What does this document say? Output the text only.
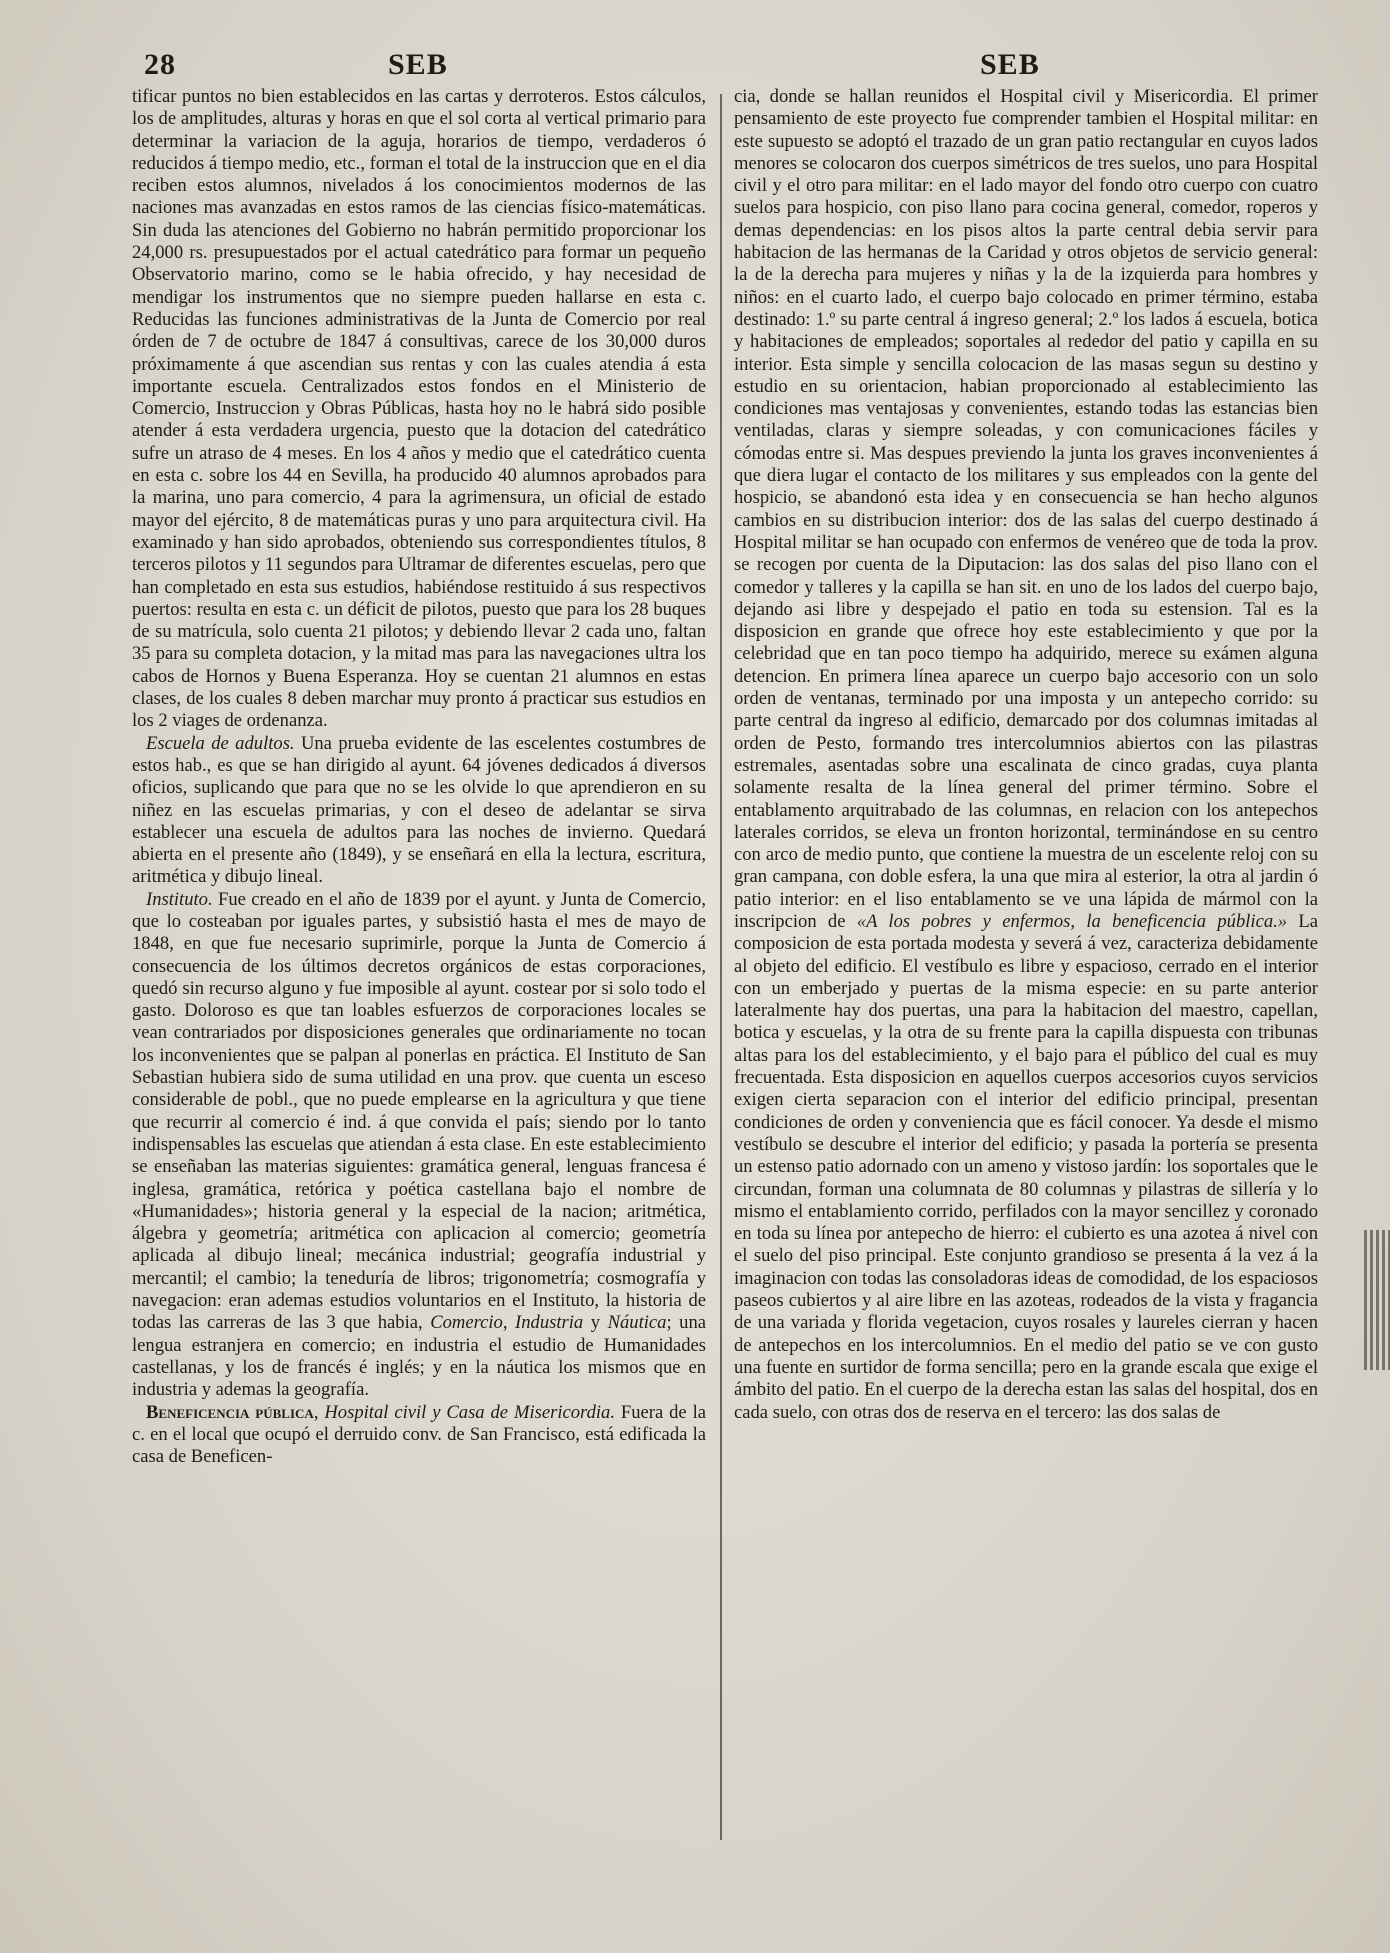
28	SEB	SEB

tificar puntos no bien establecidos en las cartas y derroteros. Estos cálculos, los de amplitudes, alturas y horas en que el sol corta al vertical primario para determinar la variacion de la aguja, horarios de tiempo, verdaderos ó reducidos á tiempo medio, etc., forman el total de la instruccion que en el dia reciben estos alumnos, nivelados á los conocimientos modernos de las naciones mas avanzadas en estos ramos de las ciencias físico-matemáticas. Sin duda las atenciones del Gobierno no habrán permitido proporcionar los 24,000 rs. presupuestados por el actual catedrático para formar un pequeño Observatorio marino, como se le habia ofrecido, y hay necesidad de mendigar los instrumentos que no siempre pueden hallarse en esta c. Reducidas las funciones administrativas de la Junta de Comercio por real órden de 7 de octubre de 1847 á consultivas, carece de los 30,000 duros próximamente á que ascendian sus rentas y con las cuales atendia á esta importante escuela. Centralizados estos fondos en el Ministerio de Comercio, Instruccion y Obras Públicas, hasta hoy no le habrá sido posible atender á esta verdadera urgencia, puesto que la dotacion del catedrático sufre un atraso de 4 meses. En los 4 años y medio que el catedrático cuenta en esta c. sobre los 44 en Sevilla, ha producido 40 alumnos aprobados para la marina, uno para comercio, 4 para la agrimensura, un oficial de estado mayor del ejército, 8 de matemáticas puras y uno para arquitectura civil. Ha examinado y han sido aprobados, obteniendo sus correspondientes títulos, 8 terceros pilotos y 11 segundos para Ultramar de diferentes escuelas, pero que han completado en esta sus estudios, habiéndose restituido á sus respectivos puertos: resulta en esta c. un déficit de pilotos, puesto que para los 28 buques de su matrícula, solo cuenta 21 pilotos; y debiendo llevar 2 cada uno, faltan 35 para su completa dotacion, y la mitad mas para las navegaciones ultra los cabos de Hornos y Buena Esperanza. Hoy se cuentan 21 alumnos en estas clases, de los cuales 8 deben marchar muy pronto á practicar sus estudios en los 2 viages de ordenanza.

Escuela de adultos. Una prueba evidente de las escelentes costumbres de estos hab., es que se han dirigido al ayunt. 64 jóvenes dedicados á diversos oficios, suplicando que para que no se les olvide lo que aprendieron en su niñez en las escuelas primarias, y con el deseo de adelantar se sirva establecer una escuela de adultos para las noches de invierno. Quedará abierta en el presente año (1849), y se enseñará en ella la lectura, escritura, aritmética y dibujo lineal.

Instituto. Fue creado en el año de 1839 por el ayunt. y Junta de Comercio, que lo costeaban por iguales partes, y subsistió hasta el mes de mayo de 1848, en que fue necesario suprimirle, porque la Junta de Comercio á consecuencia de los últimos decretos orgánicos de estas corporaciones, quedó sin recurso alguno y fue imposible al ayunt. costear por si solo todo el gasto. Doloroso es que tan loables esfuerzos de corporaciones locales se vean contrariados por disposiciones generales que ordinariamente no tocan los inconvenientes que se palpan al ponerlas en práctica. El Instituto de San Sebastian hubiera sido de suma utilidad en una prov. que cuenta un esceso considerable de pobl., que no puede emplearse en la agricultura y que tiene que recurrir al comercio é ind. á que convida el país; siendo por lo tanto indispensables las escuelas que atiendan á esta clase. En este establecimiento se enseñaban las materias siguientes: gramática general, lenguas francesa é inglesa, gramática, retórica y poética castellana bajo el nombre de «Humanidades»; historia general y la especial de la nacion; aritmética, álgebra y geometría; aritmética con aplicacion al comercio; geometría aplicada al dibujo lineal; mecánica industrial; geografía industrial y mercantil; el cambio; la teneduría de libros; trigonometría; cosmografía y navegacion: eran ademas estudios voluntarios en el Instituto, la historia de todas las carreras de las 3 que habia, Comercio, Industria y Náutica; una lengua estranjera en comercio; en industria el estudio de Humanidades castellanas, y los de francés é inglés; y en la náutica los mismos que en industria y ademas la geografía.

Beneficencia pública, Hospital civil y Casa de Misericordia. Fuera de la c. en el local que ocupó el derruido conv. de San Francisco, está edificada la casa de Beneficen-

cia, donde se hallan reunidos el Hospital civil y Misericordia. El primer pensamiento de este proyecto fue comprender tambien el Hospital militar: en este supuesto se adoptó el trazado de un gran patio rectangular en cuyos lados menores se colocaron dos cuerpos simétricos de tres suelos, uno para Hospital civil y el otro para militar: en el lado mayor del fondo otro cuerpo con cuatro suelos para hospicio, con piso llano para cocina general, comedor, roperos y demas dependencias: en los pisos altos la parte central debia servir para habitacion de las hermanas de la Caridad y otros objetos de servicio general: la de la derecha para mujeres y niñas y la de la izquierda para hombres y niños: en el cuarto lado, el cuerpo bajo colocado en primer término, estaba destinado: 1.º su parte central á ingreso general; 2.º los lados á escuela, botica y habitaciones de empleados; soportales al rededor del patio y capilla en su interior. Esta simple y sencilla colocacion de las masas segun su destino y estudio en su orientacion, habian proporcionado al establecimiento las condiciones mas ventajosas y convenientes, estando todas las estancias bien ventiladas, claras y siempre soleadas, y con comunicaciones fáciles y cómodas entre si. Mas despues previendo la junta los graves inconvenientes á que diera lugar el contacto de los militares y sus empleados con la gente del hospicio, se abandonó esta idea y en consecuencia se han hecho algunos cambios en su distribucion interior: dos de las salas del cuerpo destinado á Hospital militar se han ocupado con enfermos de venéreo que de toda la prov. se recogen por cuenta de la Diputacion: las dos salas del piso llano con el comedor y talleres y la capilla se han sit. en uno de los lados del cuerpo bajo, dejando asi libre y despejado el patio en toda su estension. Tal es la disposicion en grande que ofrece hoy este establecimiento y que por la celebridad que en tan poco tiempo ha adquirido, merece su exámen alguna detencion. En primera línea aparece un cuerpo bajo accesorio con un solo orden de ventanas, terminado por una imposta y un antepecho corrido: su parte central da ingreso al edificio, demarcado por dos columnas imitadas al orden de Pesto, formando tres intercolumnios abiertos con las pilastras estremales, asentadas sobre una escalinata de cinco gradas, cuya planta solamente resalta de la línea general del primer término. Sobre el entablamento arquitrabado de las columnas, en relacion con los antepechos laterales corridos, se eleva un fronton horizontal, terminándose en su centro con arco de medio punto, que contiene la muestra de un escelente reloj con su gran campana, con doble esfera, la una que mira al esterior, la otra al jardin ó patio interior: en el liso entablamento se ve una lápida de mármol con la inscripcion de «A los pobres y enfermos, la beneficencia pública.» La composicion de esta portada modesta y severá á vez, caracteriza debidamente al objeto del edificio. El vestíbulo es libre y espacioso, cerrado en el interior con un emberjado y puertas de la misma especie: en su parte anterior lateralmente hay dos puertas, una para la habitacion del maestro, capellan, botica y escuelas, y la otra de su frente para la capilla dispuesta con tribunas altas para los del establecimiento, y el bajo para el público del cual es muy frecuentada. Esta disposicion en aquellos cuerpos accesorios cuyos servicios exigen cierta separacion con el interior del edificio principal, presentan condiciones de orden y conveniencia que es fácil conocer. Ya desde el mismo vestíbulo se descubre el interior del edificio; y pasada la portería se presenta un estenso patio adornado con un ameno y vistoso jardín: los soportales que le circundan, forman una columnata de 80 columnas y pilastras de sillería y lo mismo el entablamiento corrido, perfilados con la mayor sencillez y coronado en toda su línea por antepecho de hierro: el cubierto es una azotea á nivel con el suelo del piso principal. Este conjunto grandioso se presenta á la vez á la imaginacion con todas las consoladoras ideas de comodidad, de los espaciosos paseos cubiertos y al aire libre en las azoteas, rodeados de la vista y fragancia de una variada y florida vegetacion, cuyos rosales y laureles cierran y hacen de antepechos en los intercolumnios. En el medio del patio se ve con gusto una fuente en surtidor de forma sencilla; pero en la grande escala que exige el ámbito del patio. En el cuerpo de la derecha estan las salas del hospital, dos en cada suelo, con otras dos de reserva en el tercero: las dos salas de
